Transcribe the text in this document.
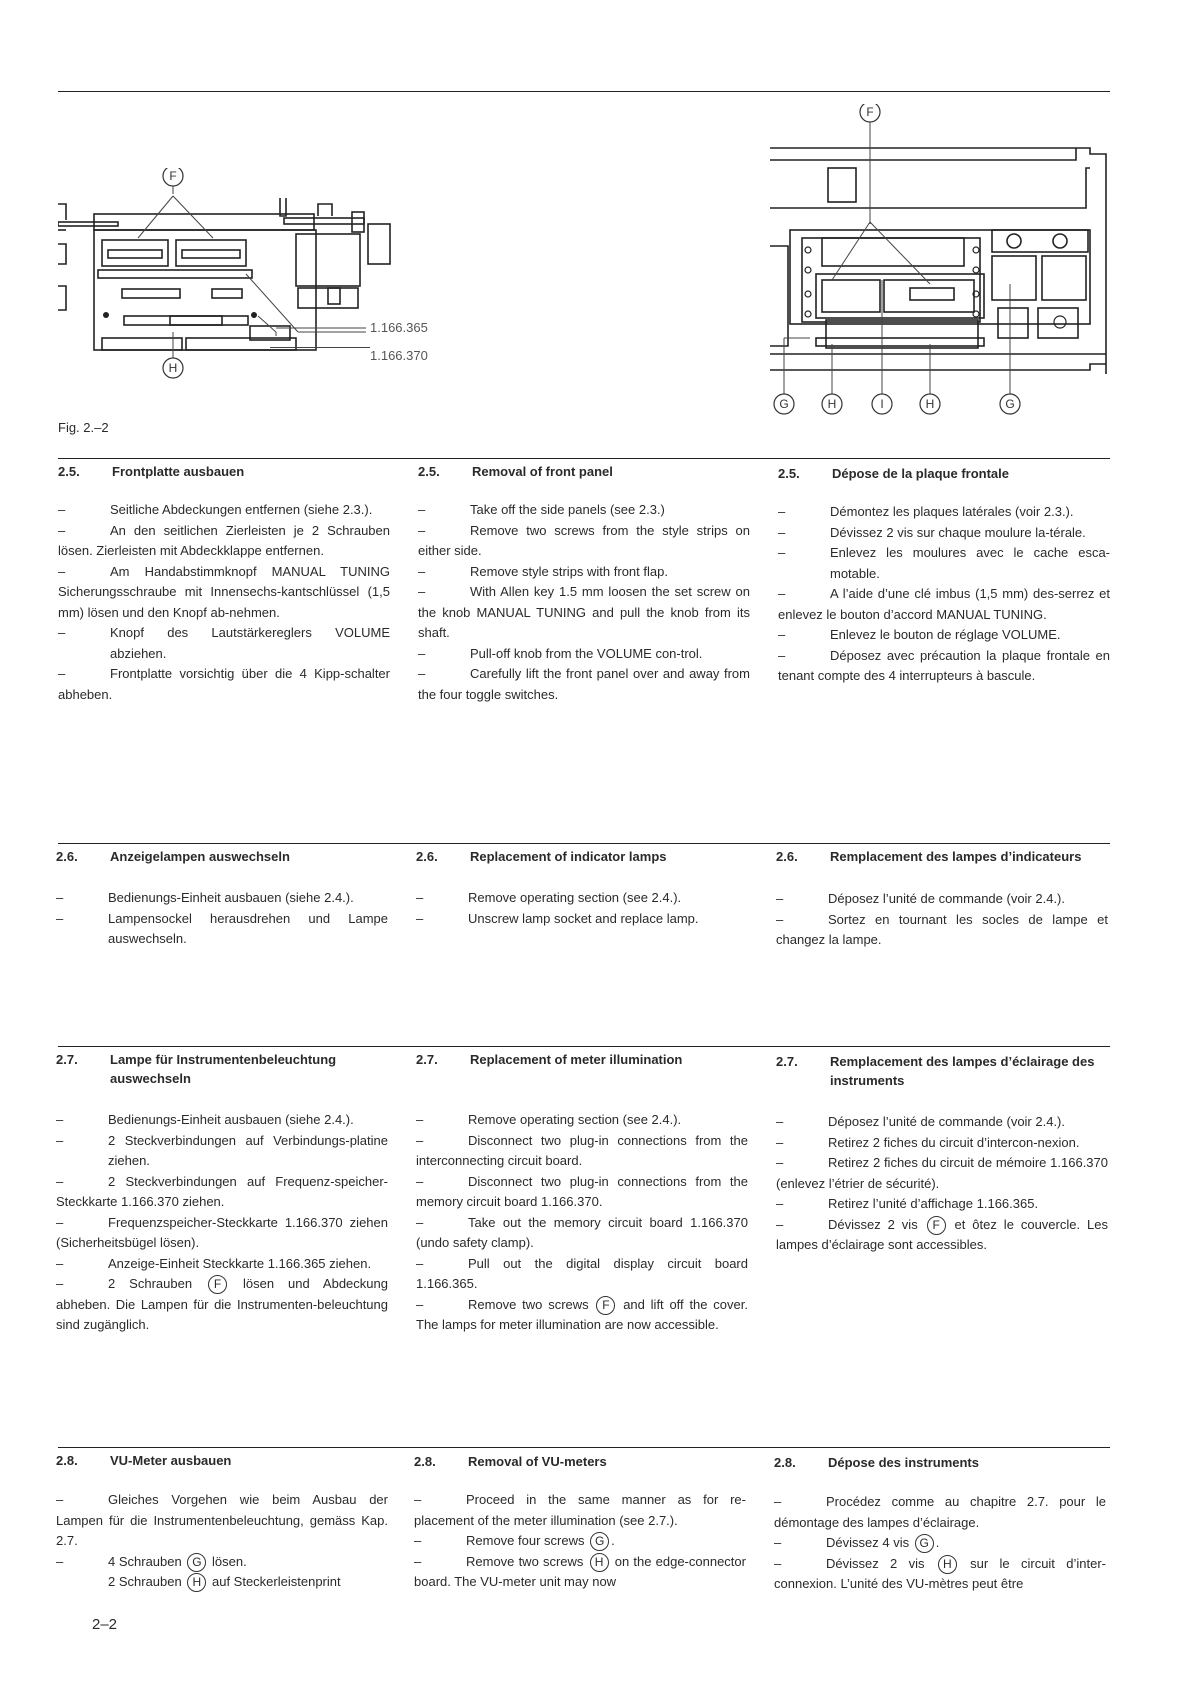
F
H
1.166.365
1.166.370
Fig. 2.–2
F
G	H	I	H	G
2.5. Frontplatte ausbauen	2.5. Removal of front panel	2.5. Dépose de la plaque frontale

–	Seitliche Abdeckungen entfernen (siehe 2.3.).

–	An den seitlichen Zierleisten je 2 Schrauben lösen. Zierleisten mit Abdeckklappe entfernen.

–	Am Handabstimmknopf MANUAL TUNING Sicherungsschraube mit Innensechs-kantschlüssel (1,5 mm) lösen und den Knopf ab-nehmen.

–	Knopf des Lautstärkereglers VOLUME abziehen.

–	Frontplatte vorsichtig über die 4 Kipp-schalter abheben.

–	Take off the side panels (see 2.3.)

–	Remove two screws from the style strips on either side.

–	Remove style strips with front flap.

–	With Allen key 1.5 mm loosen the set screw on the knob MANUAL TUNING and pull the knob from its shaft.

–	Pull-off knob from the VOLUME con-trol.

–	Carefully lift the front panel over and away from the four toggle switches.

–	Démontez les plaques latérales (voir 2.3.).

–	Dévissez 2 vis sur chaque moulure la-térale.

–	Enlevez les moulures avec le cache esca-motable.

–	A l’aide d’une clé imbus (1,5 mm) des-serrez et enlevez le bouton d’accord MANUAL TUNING.

–	Enlevez le bouton de réglage VOLUME.

–	Déposez avec précaution la plaque frontale en tenant compte des 4 interrupteurs à bascule.

2.6. Anzeigelampen auswechseln	2.6. Replacement of indicator lamps	2.6. Remplacement des lampes d’indicateurs

–	Bedienungs-Einheit ausbauen (siehe 2.4.).

–	Lampensockel herausdrehen und Lampe auswechseln.

–	Remove operating section (see 2.4.).

–	Unscrew lamp socket and replace lamp.

–	Déposez l’unité de commande (voir 2.4.).

–	Sortez en tournant les socles de lampe et changez la lampe.

2.7. Lampe für Instrumentenbeleuchtung auswechseln
2.7. Replacement of meter illumination	2.7. Remplacement des lampes d’éclairage des instruments

–	Bedienungs-Einheit ausbauen (siehe 2.4.).

–	2 Steckverbindungen auf Verbindungs-platine ziehen.

–	2 Steckverbindungen auf Frequenz-speicher-Steckkarte 1.166.370 ziehen.

–	Frequenzspeicher-Steckkarte 1.166.370 ziehen (Sicherheitsbügel lösen).

–	Anzeige-Einheit Steckkarte 1.166.365 ziehen.

–	2 Schrauben F lösen und Abdeckung abheben. Die Lampen für die Instrumenten-beleuchtung sind zugänglich.

–	Remove operating section (see 2.4.).

–	Disconnect two plug-in connections from the interconnecting circuit board.

–	Disconnect two plug-in connections from the memory circuit board 1.166.370.

–	Take out the memory circuit board 1.166.370 (undo safety clamp).

–	Pull out the digital display circuit board 1.166.365.

–	Remove two screws F and lift off the cover. The lamps for meter illumination are now accessible.

–	Déposez l’unité de commande (voir 2.4.).

–	Retirez 2 fiches du circuit d’intercon-nexion.

–	Retirez 2 fiches du circuit de mémoire 1.166.370 (enlevez l’étrier de sécurité).

–	Retirez l’unité d’affichage 1.166.365.

–	Dévissez 2 vis F et ôtez le couvercle. Les lampes d’éclairage sont accessibles.

2.8. VU-Meter ausbauen	2.8. Removal of VU-meters	2.8. Dépose des instruments

–	Gleiches Vorgehen wie beim Ausbau der Lampen für die Instrumentenbeleuchtung, gemäss Kap. 2.7.

–	4 Schrauben G lösen.

2 Schrauben H auf Steckerleistenprint

–	Proceed in the same manner as for re-placement of the meter illumination (see 2.7.).

–	Remove four screws G .

–	Remove two screws H on the edge-connector board. The VU-meter unit may now

–	Procédez comme au chapitre 2.7. pour le démontage des lampes d’éclairage.

–	Dévissez 4 vis G .

–	Dévissez 2 vis H sur le circuit d’inter-connexion. L’unité des VU-mètres peut être

2–2
